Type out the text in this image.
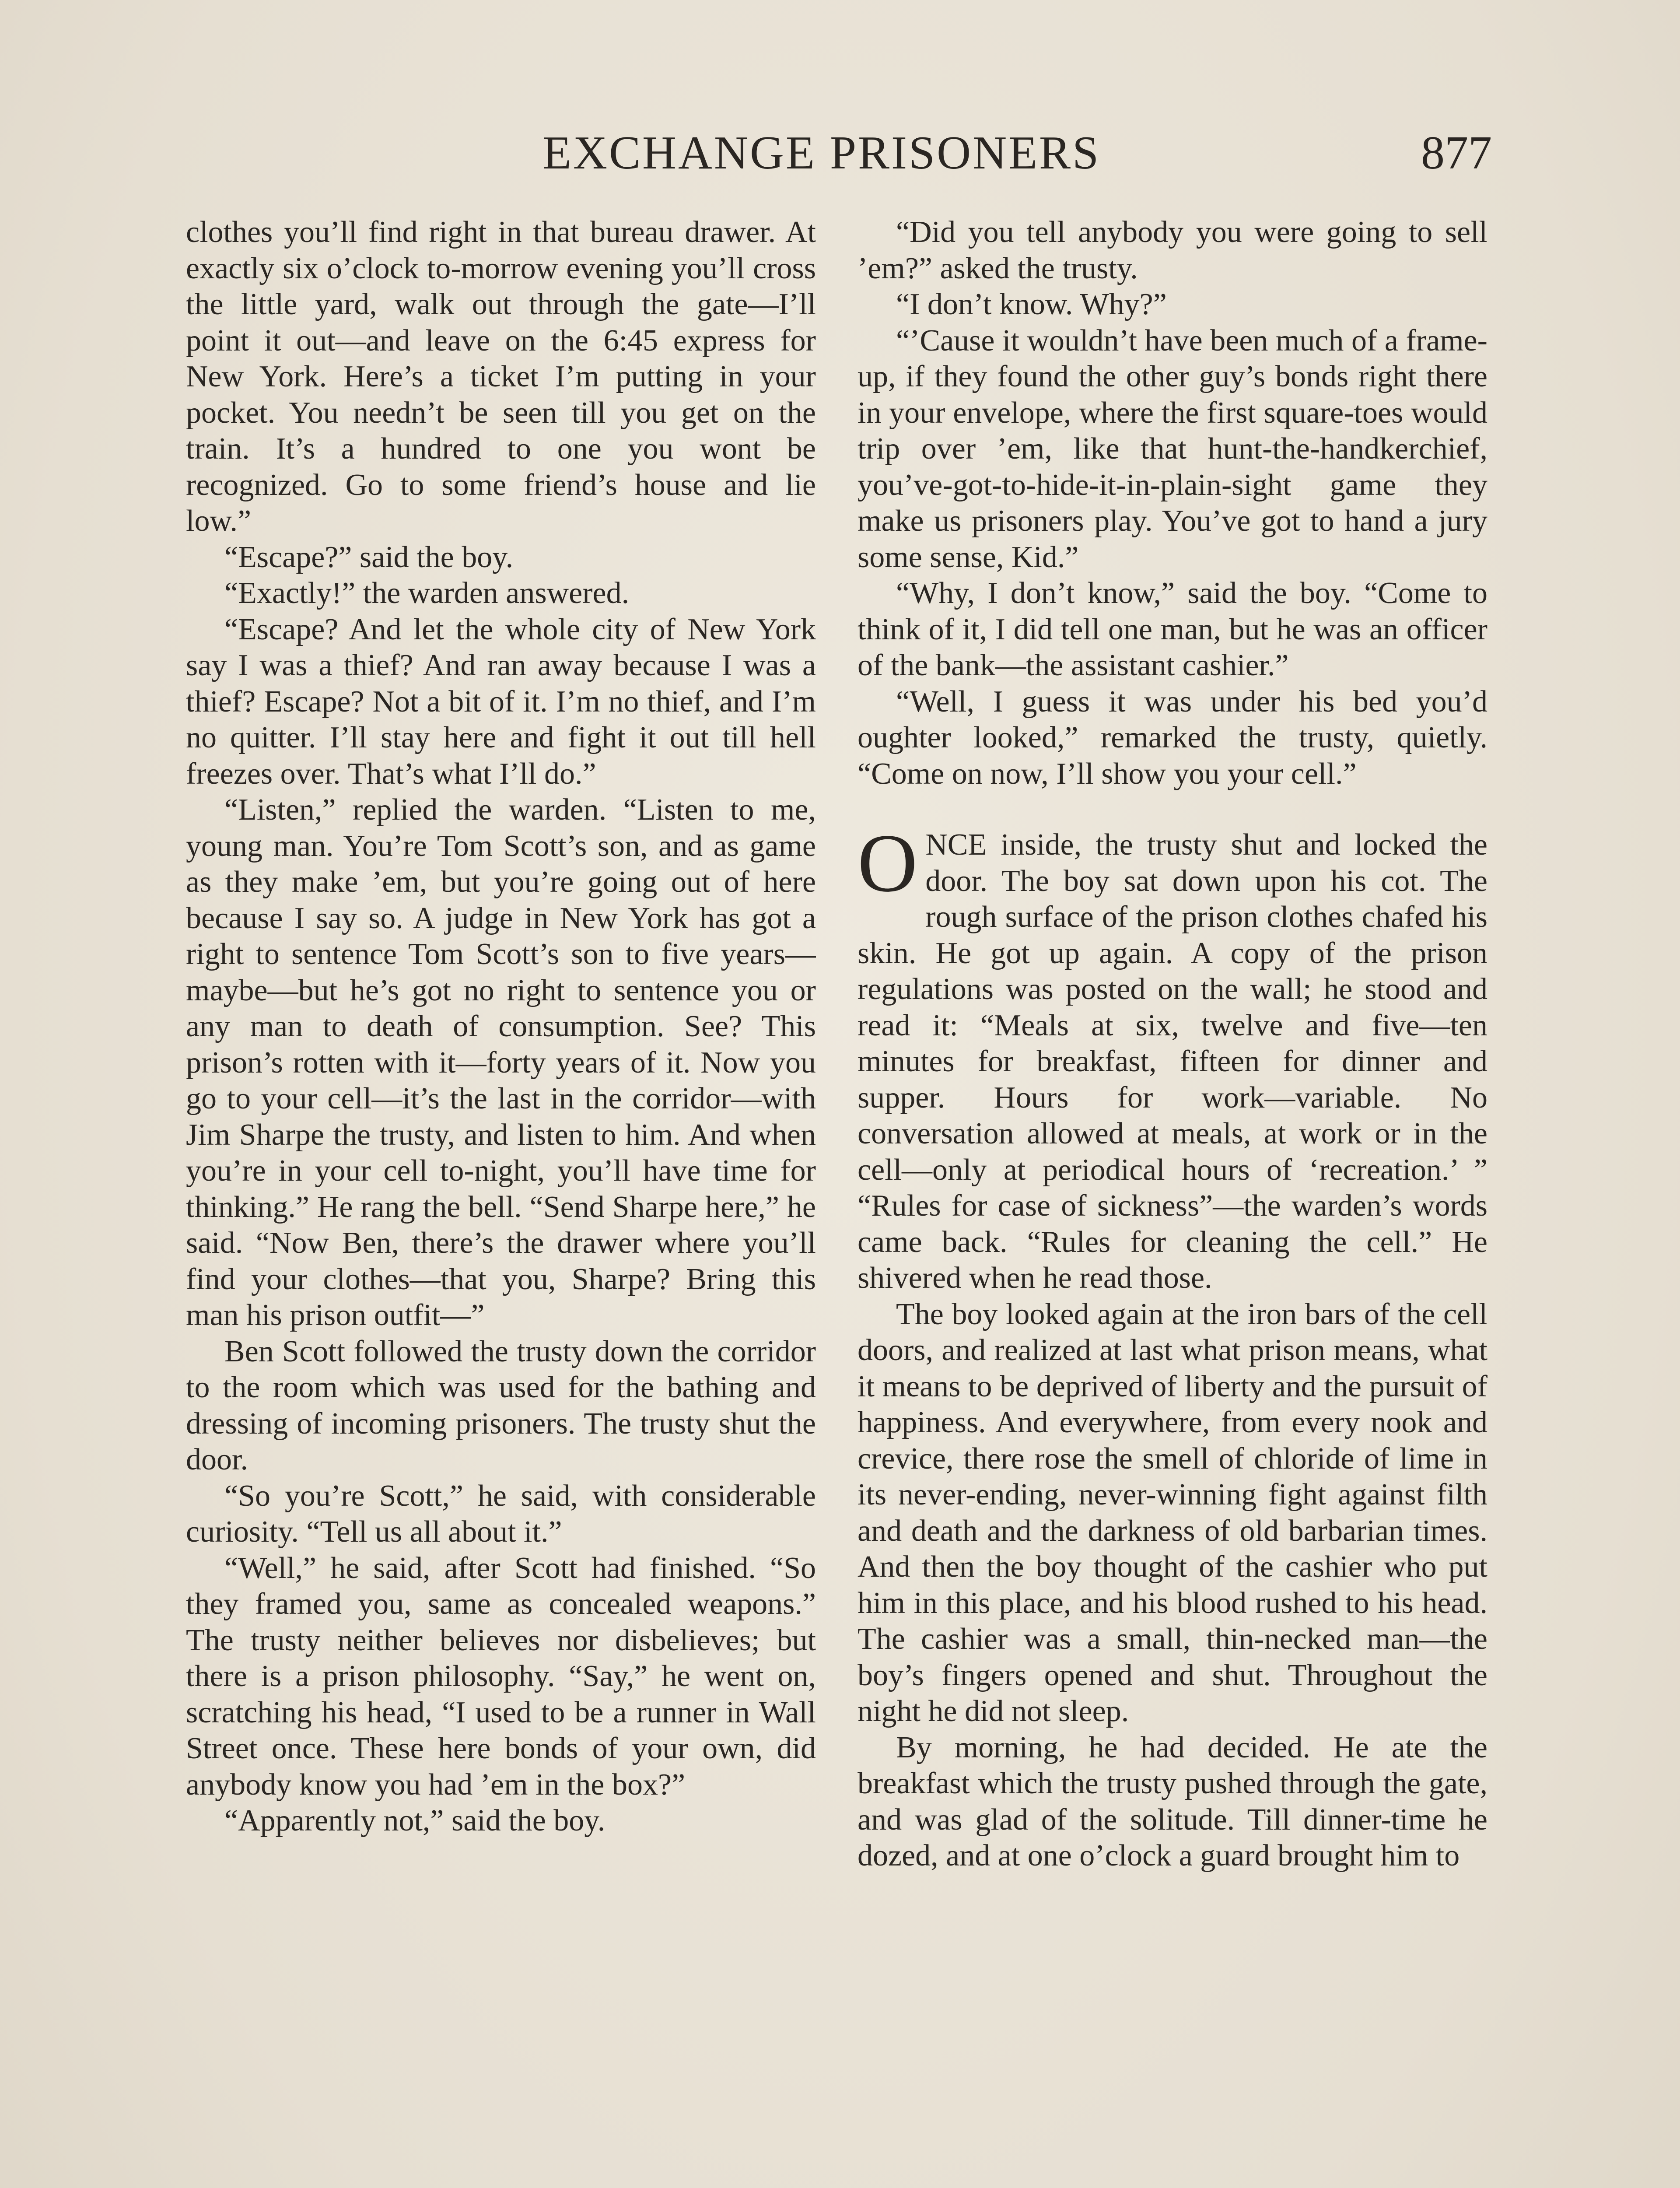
EXCHANGE PRISONERS	877

clothes you’ll find right in that bureau drawer. At exactly six o’clock to-morrow evening you’ll cross the little yard, walk out through the gate—I’ll point it out—and leave on the 6:45 express for New York. Here’s a ticket I’m putting in your pocket. You needn’t be seen till you get on the train. It’s a hundred to one you wont be recognized. Go to some friend’s house and lie low.”

“Escape?” said the boy.

“Exactly!” the warden answered.

“Escape? And let the whole city of New York say I was a thief? And ran away because I was a thief? Escape? Not a bit of it. I’m no thief, and I’m no quitter. I’ll stay here and fight it out till hell freezes over. That’s what I’ll do.”

“Listen,” replied the warden. “Listen to me, young man. You’re Tom Scott’s son, and as game as they make ’em, but you’re going out of here because I say so. A judge in New York has got a right to sentence Tom Scott’s son to five years—maybe—but he’s got no right to sentence you or any man to death of consumption. See? This prison’s rotten with it—forty years of it. Now you go to your cell—it’s the last in the corridor—with Jim Sharpe the trusty, and listen to him. And when you’re in your cell to-night, you’ll have time for thinking.” He rang the bell. “Send Sharpe here,” he said. “Now Ben, there’s the drawer where you’ll find your clothes—that you, Sharpe? Bring this man his prison outfit—”

Ben Scott followed the trusty down the corridor to the room which was used for the bathing and dressing of incoming prisoners. The trusty shut the door.

“So you’re Scott,” he said, with considerable curiosity. “Tell us all about it.”

“Well,” he said, after Scott had finished. “So they framed you, same as concealed weapons.” The trusty neither believes nor disbelieves; but there is a prison philosophy. “Say,” he went on, scratching his head, “I used to be a runner in Wall Street once. These here bonds of your own, did anybody know you had ’em in the box?”

“Apparently not,” said the boy.

“Did you tell anybody you were going to sell ’em?” asked the trusty.

“I don’t know. Why?”

“’Cause it wouldn’t have been much of a frame-up, if they found the other guy’s bonds right there in your envelope, where the first square-toes would trip over ’em, like that hunt-the-handkerchief, you’ve-got-to-hide-it-in-plain-sight game they make us prisoners play. You’ve got to hand a jury some sense, Kid.”

“Why, I don’t know,” said the boy. “Come to think of it, I did tell one man, but he was an officer of the bank—the assistant cashier.”

“Well, I guess it was under his bed you’d oughter looked,” remarked the trusty, quietly. “Come on now, I’ll show you your cell.”

ONCE inside, the trusty shut and locked the door. The boy sat down upon his cot. The rough surface of the prison clothes chafed his skin. He got up again. A copy of the prison regulations was posted on the wall; he stood and read it: “Meals at six, twelve and five—ten minutes for breakfast, fifteen for dinner and supper. Hours for work—variable. No conversation allowed at meals, at work or in the cell—only at periodical hours of ‘recreation.’ ” “Rules for case of sickness”—the warden’s words came back. “Rules for cleaning the cell.” He shivered when he read those.

The boy looked again at the iron bars of the cell doors, and realized at last what prison means, what it means to be deprived of liberty and the pursuit of happiness. And everywhere, from every nook and crevice, there rose the smell of chloride of lime in its never-ending, never-winning fight against filth and death and the darkness of old barbarian times. And then the boy thought of the cashier who put him in this place, and his blood rushed to his head. The cashier was a small, thin-necked man—the boy’s fingers opened and shut. Throughout the night he did not sleep.

By morning, he had decided. He ate the breakfast which the trusty pushed through the gate, and was glad of the solitude. Till dinner-time he dozed, and at one o’clock a guard brought him to
